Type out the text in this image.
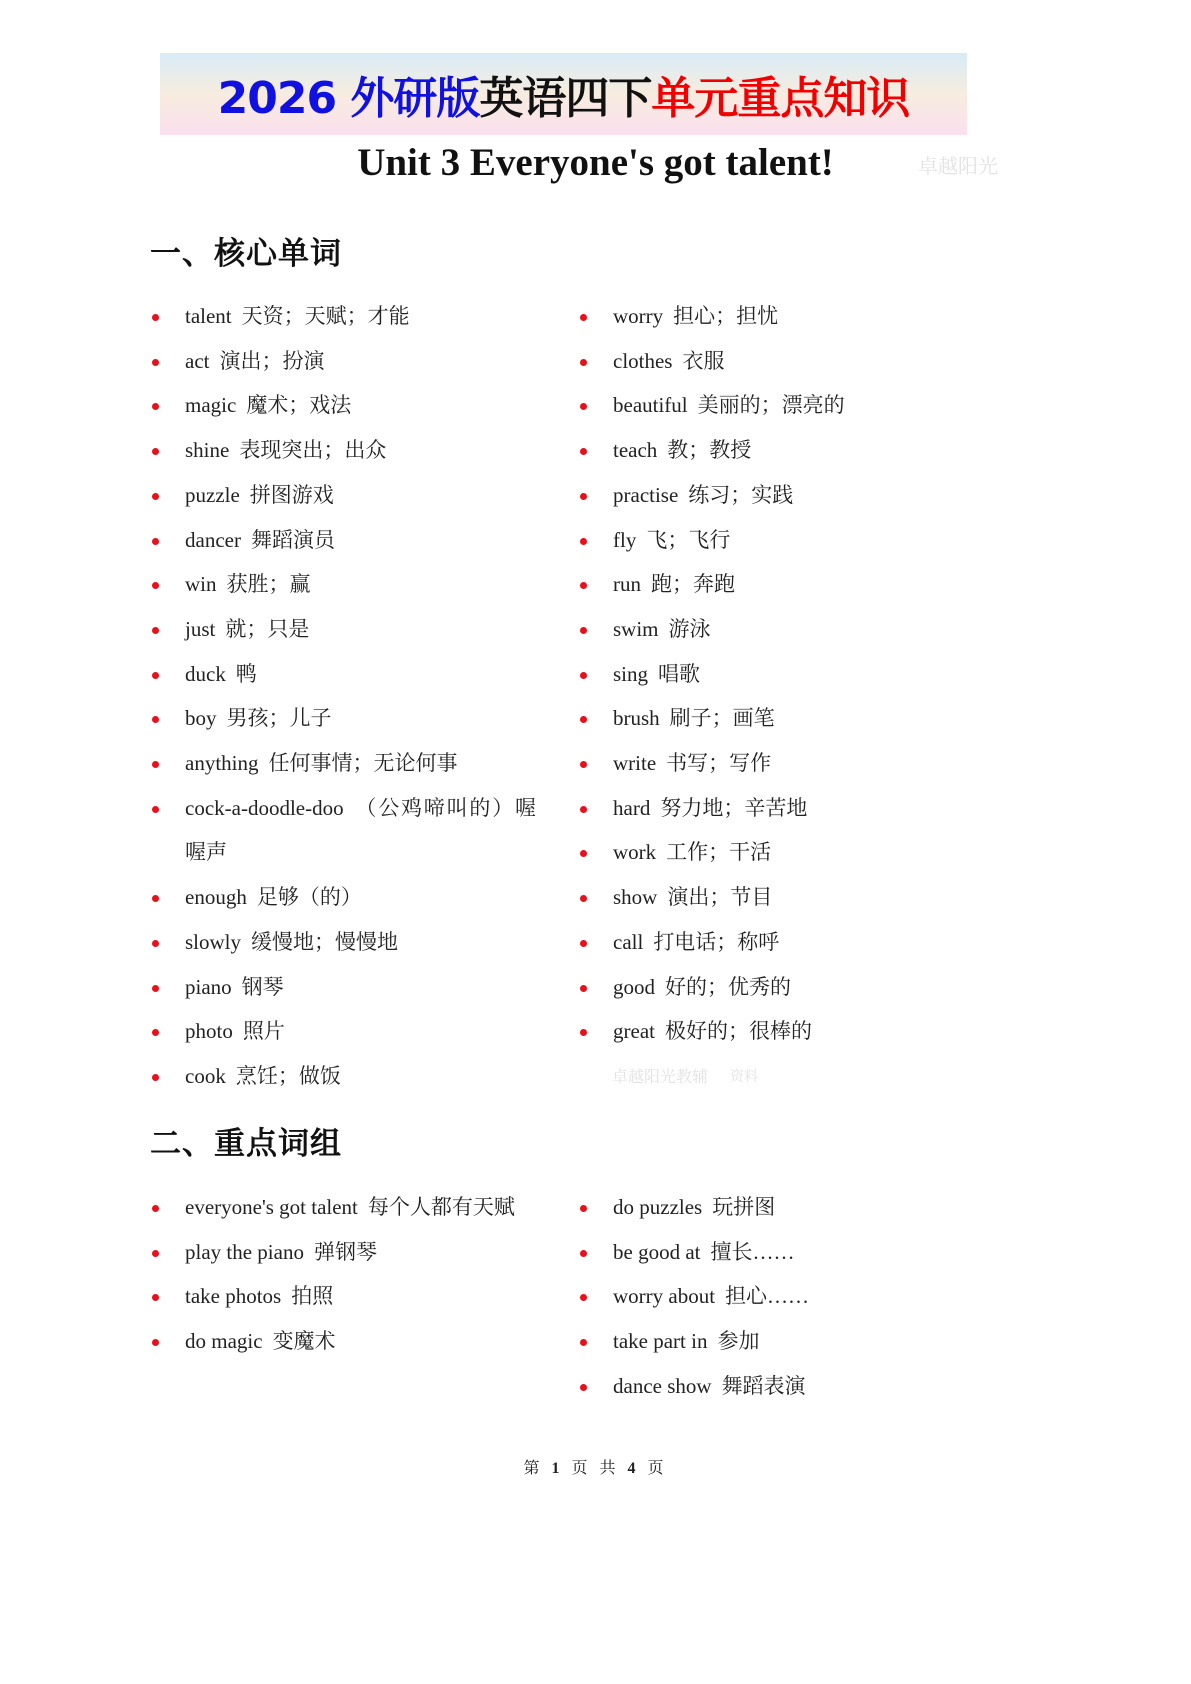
2026 外研版 英语四下 单元重点知识
Unit 3 Everyone's got talent!	卓越阳光
卓越阳光教辅 资料
一、核心单词
talent 天资；天赋；才能
act 演出；扮演
magic 魔术；戏法
shine 表现突出；出众
puzzle 拼图游戏
dancer 舞蹈演员
win 获胜；赢
just 就；只是
duck 鸭
boy 男孩；儿子
anything 任何事情；无论何事
cock-a-doodle-doo （公鸡啼叫的）喔喔声
enough 足够（的）
slowly 缓慢地；慢慢地
piano 钢琴
photo 照片
cook 烹饪；做饭
worry 担心；担忧
clothes 衣服
beautiful 美丽的；漂亮的
teach 教；教授
practise 练习；实践
fly 飞；飞行
run 跑；奔跑
swim 游泳
sing 唱歌
brush 刷子；画笔
write 书写；写作
hard 努力地；辛苦地
work 工作；干活
show 演出；节目
call 打电话；称呼
good 好的；优秀的
great 极好的；很棒的
二、重点词组
everyone's got talent 每个人都有天赋
play the piano 弹钢琴
take photos 拍照
do magic 变魔术
do puzzles 玩拼图
be good at 擅长……
worry about 担心……
take part in 参加
dance show 舞蹈表演
第 1 页 共 4 页
